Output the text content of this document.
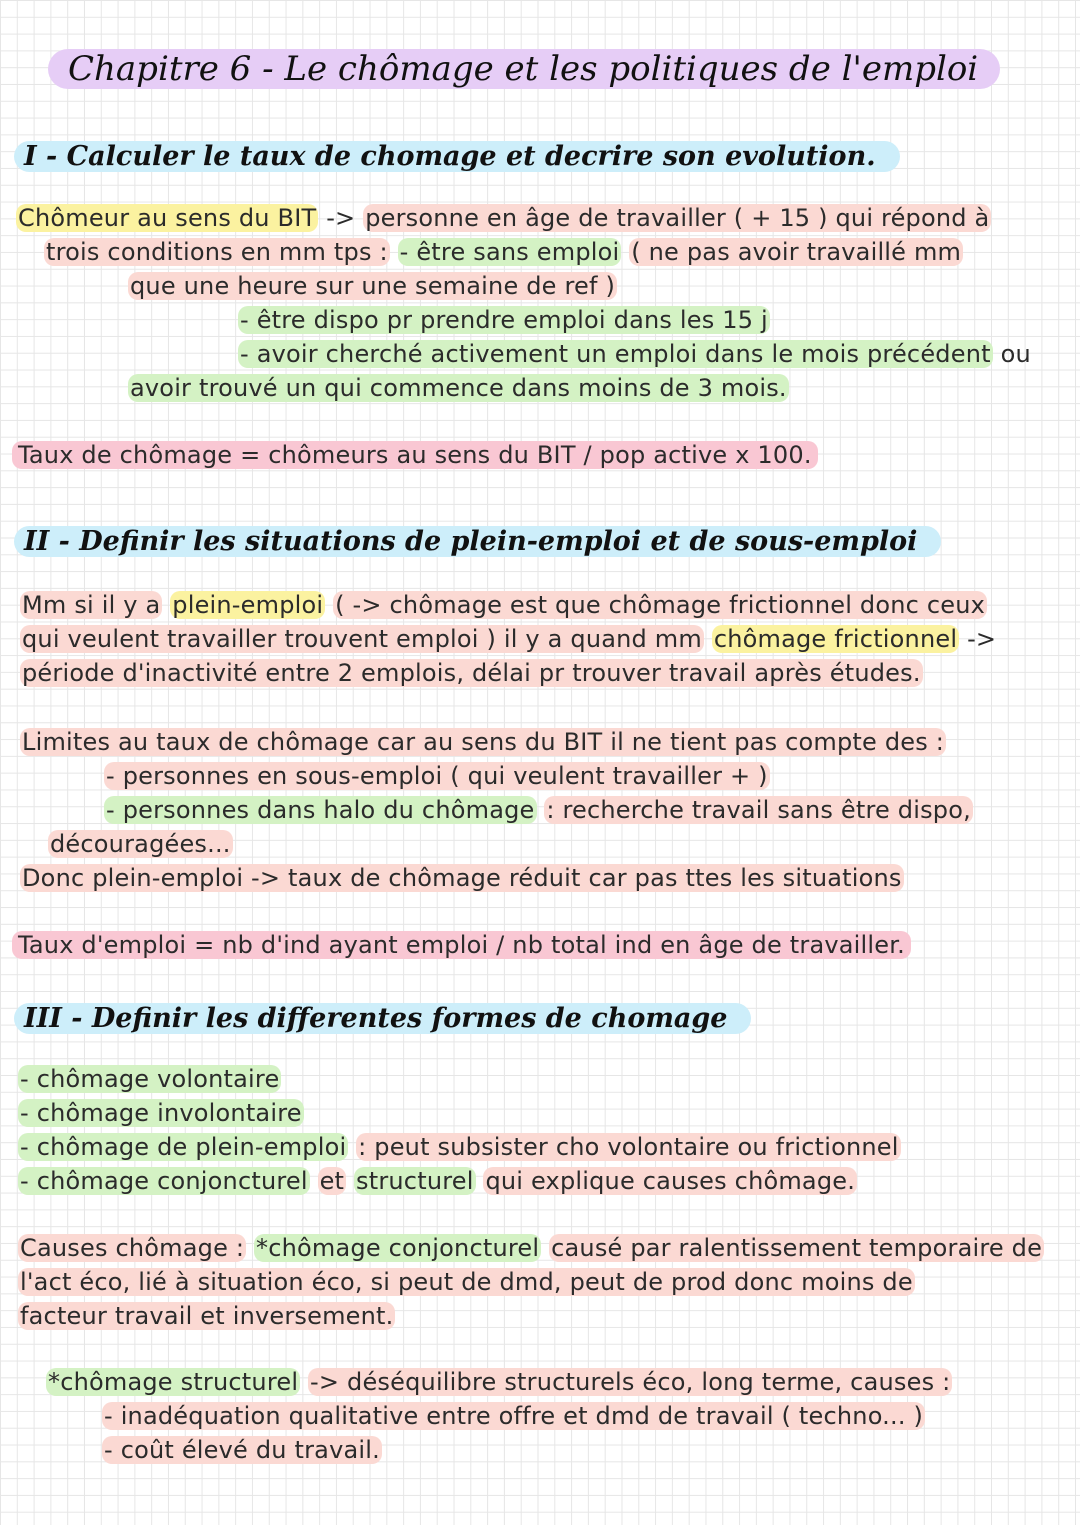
Chapitre 6 - Le chômage et les politiques de l'emploi
I - Calculer le taux de chomage et decrire son evolution.
Chômeur au sens du BIT -> personne en âge de travailler ( + 15 ) qui répond à
trois conditions en mm tps : - être sans emploi ( ne pas avoir travaillé mm
que une heure sur une semaine de ref )
- être dispo pr prendre emploi dans les 15 j
- avoir cherché activement un emploi dans le mois précédent ou
avoir trouvé un qui commence dans moins de 3 mois.
Taux de chômage = chômeurs au sens du BIT / pop active x 100.
II - Definir les situations de plein-emploi et de sous-emploi
Mm si il y a plein-emploi ( -> chômage est que chômage frictionnel donc ceux
qui veulent travailler trouvent emploi ) il y a quand mm chômage frictionnel ->
période d'inactivité entre 2 emplois, délai pr trouver travail après études.
Limites au taux de chômage car au sens du BIT il ne tient pas compte des :
- personnes en sous-emploi ( qui veulent travailler + )
- personnes dans halo du chômage : recherche travail sans être dispo,
découragées...
Donc plein-emploi -> taux de chômage réduit car pas ttes les situations
Taux d'emploi = nb d'ind ayant emploi / nb total ind en âge de travailler.
III - Definir les differentes formes de chomage
- chômage volontaire
- chômage involontaire
- chômage de plein-emploi : peut subsister cho volontaire ou frictionnel
- chômage conjoncturel et structurel qui explique causes chômage.
Causes chômage : *chômage conjoncturel causé par ralentissement temporaire de
l'act éco, lié à situation éco, si peut de dmd, peut de prod donc moins de
facteur travail et inversement.
*chômage structurel -> déséquilibre structurels éco, long terme, causes :
- inadéquation qualitative entre offre et dmd de travail ( techno... )
- coût élevé du travail.
